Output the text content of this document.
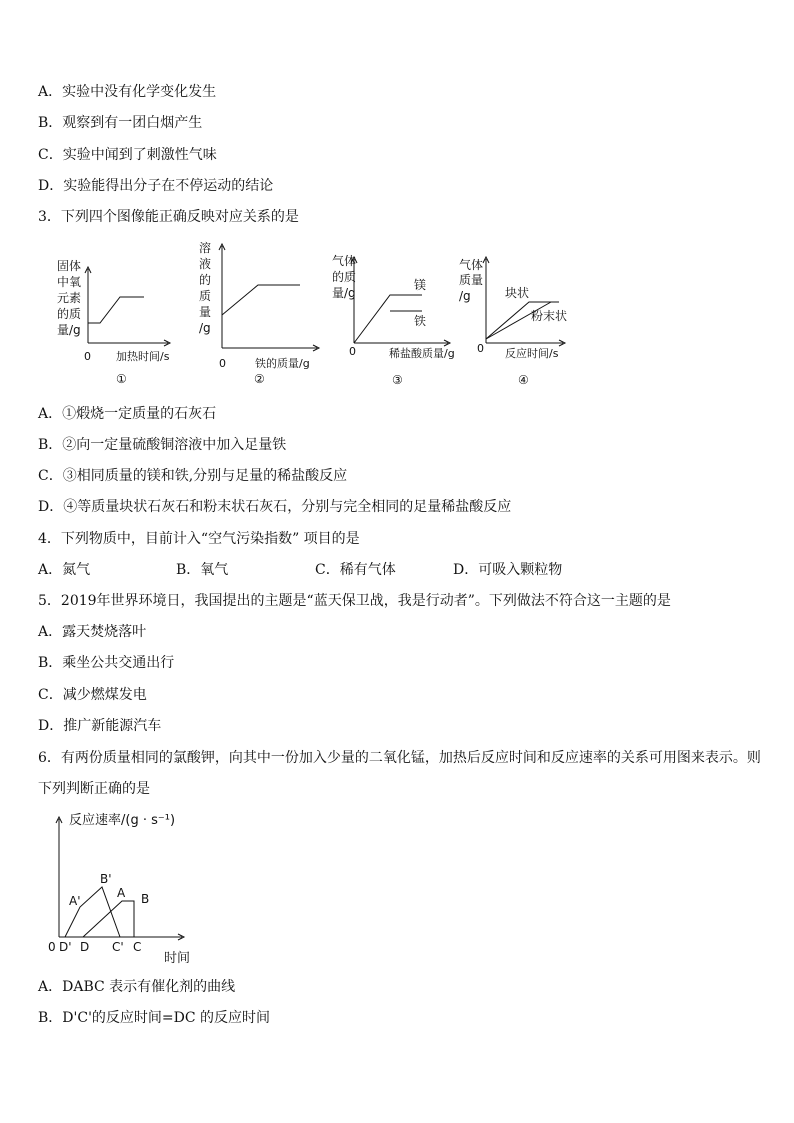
A．实验中没有化学变化发生
B．观察到有一团白烟产生
C．实验中闻到了刺激性气味
D．实验能得出分子在不停运动的结论
3．下列四个图像能正确反映对应关系的是
固体
中氧
元素
的质
量/g
0 加热时间/s
①
溶
液
的
质
量
/g
0	铁的质量/g
②
气体
的质
量/g
镁
铁
0	稀盐酸质量/g
③
气体
质量
/g	块状
粉末状
0 反应时间/s
④
A．①煅烧一定质量的石灰石
B．②向一定量硫酸铜溶液中加入足量铁
C．③相同质量的镁和铁,分别与足量的稀盐酸反应
D．④等质量块状石灰石和粉末状石灰石，分别与完全相同的足量稀盐酸反应
4．下列物质中，目前计入“空气污染指数” 项目的是
A．氮气	B．氧气	C．稀有气体	D．可吸入颗粒物
5．2019年世界环境日，我国提出的主题是“蓝天保卫战，我是行动者”。下列做法不符合这一主题的是
A．露天焚烧落叶
B．乘坐公共交通出行
C．减少燃煤发电
D．推广新能源汽车
6．有两份质量相同的氯酸钾，向其中一份加入少量的二氧化锰，加热后反应时间和反应速率的关系可用图来表示。则
下列判断正确的是
反应速率/(g · s⁻¹)
A'
B'
A B
0 D' D C' C
时间
A．DABC 表示有催化剂的曲线
B．D'C'的反应时间=DC 的反应时间
